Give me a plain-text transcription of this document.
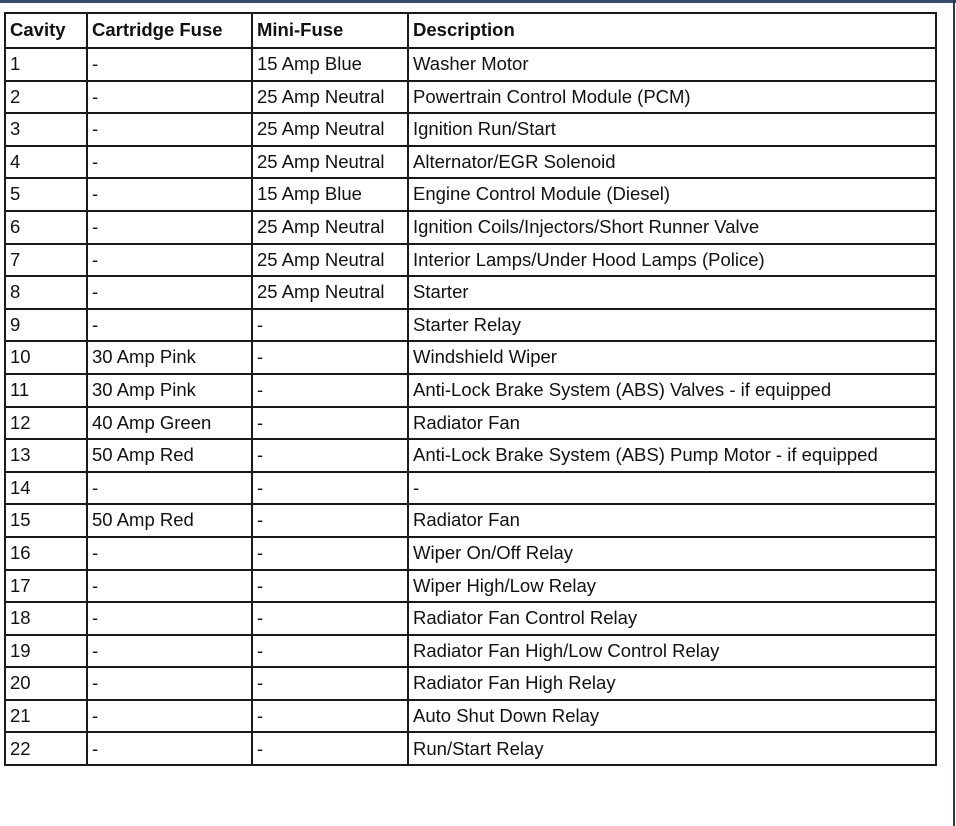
Cavity	Cartridge Fuse	Mini-Fuse	Description
1	-	15 Amp Blue	Washer Motor
2	-	25 Amp Neutral	Powertrain Control Module (PCM)
3	-	25 Amp Neutral	Ignition Run/Start
4	-	25 Amp Neutral	Alternator/EGR Solenoid
5	-	15 Amp Blue	Engine Control Module (Diesel)
6	-	25 Amp Neutral	Ignition Coils/Injectors/Short Runner Valve
7	-	25 Amp Neutral	Interior Lamps/Under Hood Lamps (Police)
8	-	25 Amp Neutral	Starter
9	-	-	Starter Relay
10	30 Amp Pink	-	Windshield Wiper
11	30 Amp Pink	-	Anti-Lock Brake System (ABS) Valves - if equipped
12	40 Amp Green	-	Radiator Fan
13	50 Amp Red	-	Anti-Lock Brake System (ABS) Pump Motor - if equipped
14	-	-	-
15	50 Amp Red	-	Radiator Fan
16	-	-	Wiper On/Off Relay
17	-	-	Wiper High/Low Relay
18	-	-	Radiator Fan Control Relay
19	-	-	Radiator Fan High/Low Control Relay
20	-	-	Radiator Fan High Relay
21	-	-	Auto Shut Down Relay
22	-	-	Run/Start Relay
